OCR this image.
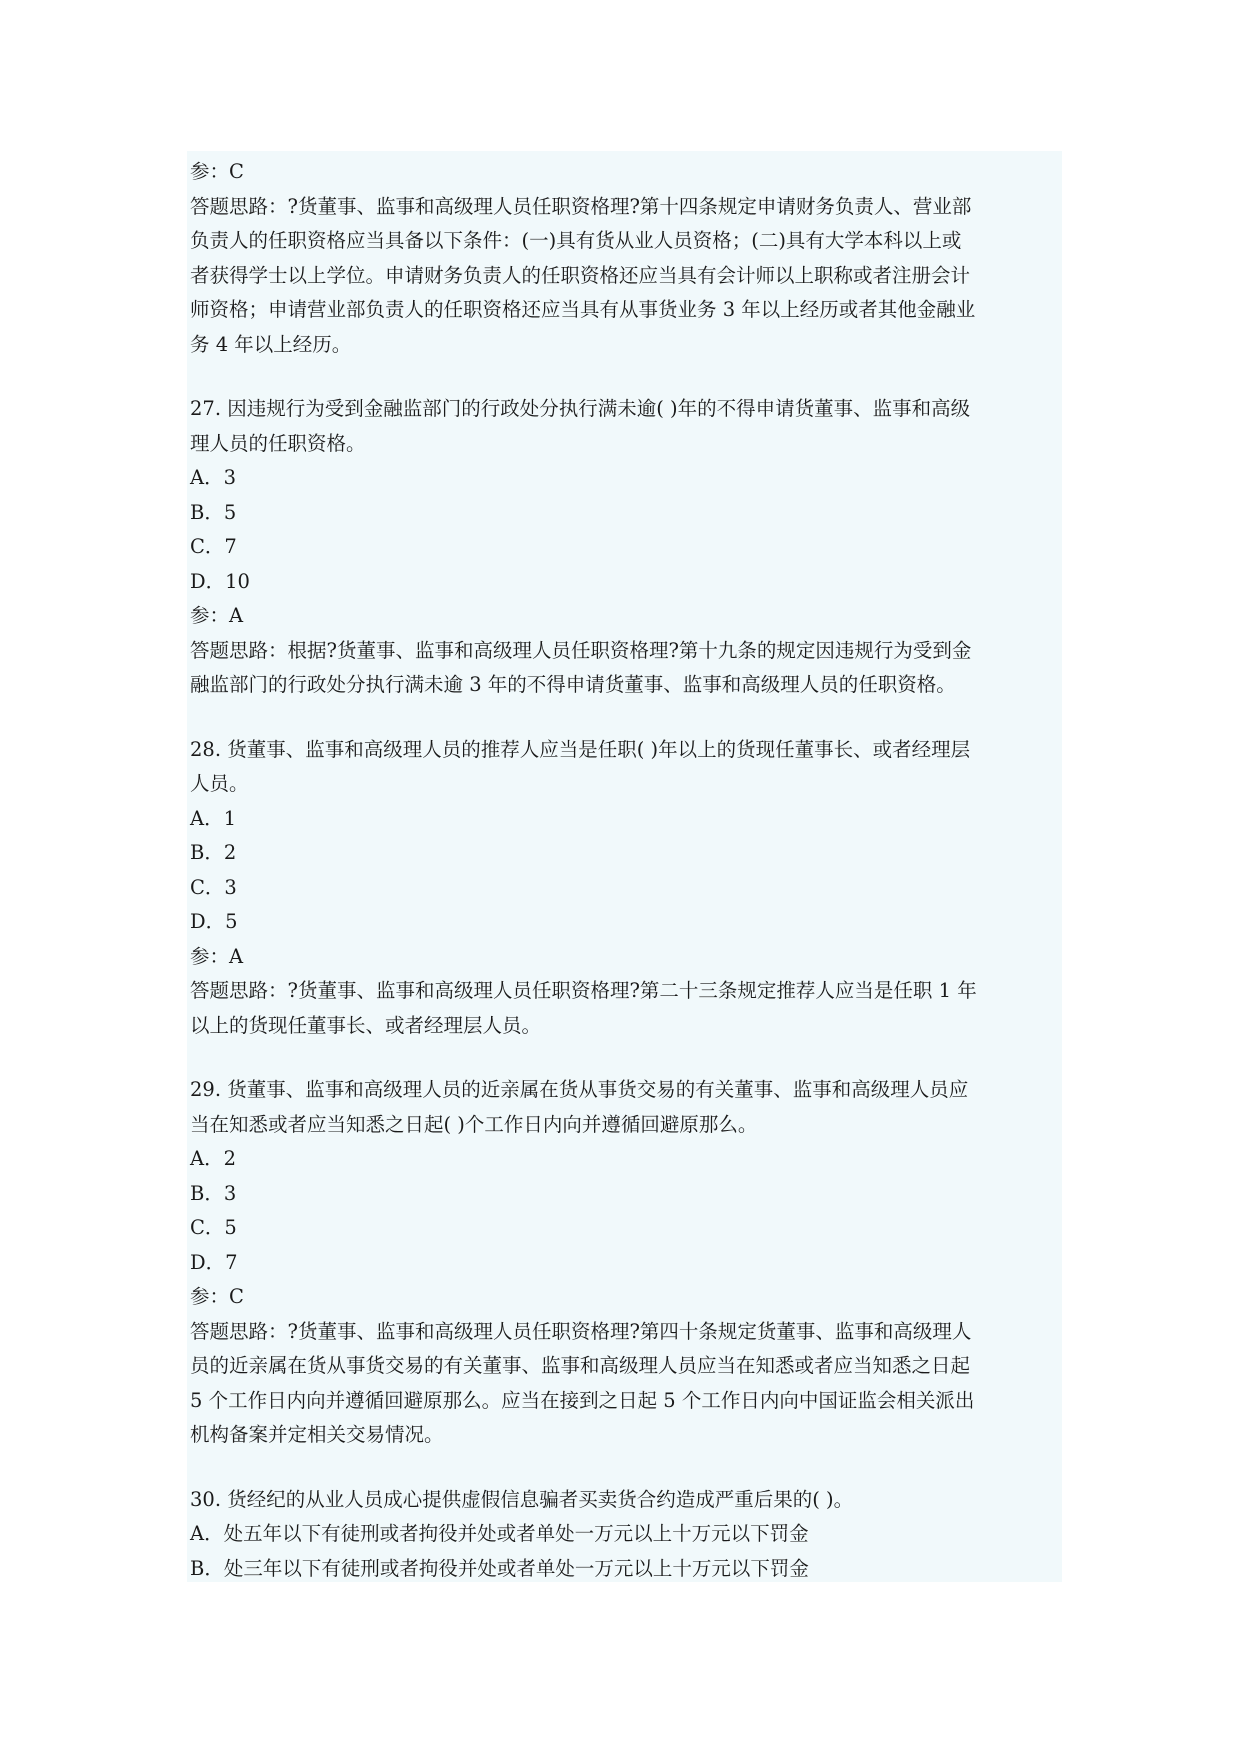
参：C

答题思路：?货董事、监事和高级理人员任职资格理?第十四条规定申请财务负责人、营业部

负责人的任职资格应当具备以下条件：(一)具有货从业人员资格；(二)具有大学本科以上或

者获得学士以上学位。申请财务负责人的任职资格还应当具有会计师以上职称或者注册会计

师资格；申请营业部负责人的任职资格还应当具有从事货业务 3 年以上经历或者其他金融业

务 4 年以上经历。

27. 因违规行为受到金融监部门的行政处分执行满未逾( )年的不得申请货董事、监事和高级

理人员的任职资格。

A．3

B．5

C．7

D．10

参：A

答题思路：根据?货董事、监事和高级理人员任职资格理?第十九条的规定因违规行为受到金

融监部门的行政处分执行满未逾 3 年的不得申请货董事、监事和高级理人员的任职资格。

28. 货董事、监事和高级理人员的推荐人应当是任职( )年以上的货现任董事长、或者经理层

人员。

A．1

B．2

C．3

D．5

参：A

答题思路：?货董事、监事和高级理人员任职资格理?第二十三条规定推荐人应当是任职 1 年

以上的货现任董事长、或者经理层人员。

29. 货董事、监事和高级理人员的近亲属在货从事货交易的有关董事、监事和高级理人员应

当在知悉或者应当知悉之日起( )个工作日内向并遵循回避原那么。

A．2

B．3

C．5

D．7

参：C

答题思路：?货董事、监事和高级理人员任职资格理?第四十条规定货董事、监事和高级理人

员的近亲属在货从事货交易的有关董事、监事和高级理人员应当在知悉或者应当知悉之日起

5 个工作日内向并遵循回避原那么。应当在接到之日起 5 个工作日内向中国证监会相关派出

机构备案并定相关交易情况。

30. 货经纪的从业人员成心提供虚假信息骗者买卖货合约造成严重后果的( )。

A．处五年以下有徒刑或者拘役并处或者单处一万元以上十万元以下罚金

B．处三年以下有徒刑或者拘役并处或者单处一万元以上十万元以下罚金
